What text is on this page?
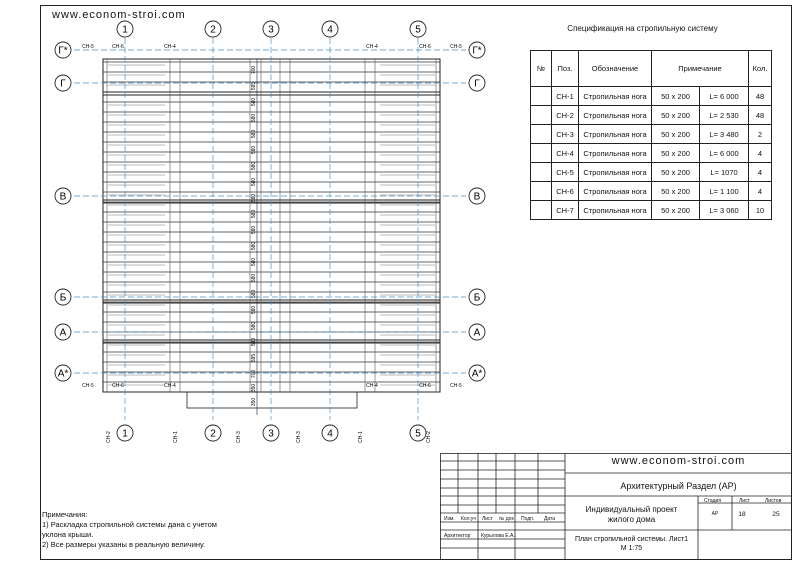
www.econom-stroi.com
1	2	3	4	5
1	2	3	4	5
Г*	Г*
Г	Г
В	В
Б	Б
А	А
А*	А*
700
595
580
580
580
580
580
580
580
580
580
580
580
580
580
580
580
580
595
700
350
350
СН-5	СН-6	СН-4	СН-4	СН-6	СН-5
СН-5	СН-6	СН-4	СН-4	СН-6	СН-5
СН-2	СН-1	СН-3	СН-3	СН-1	СН-2
Спецификация на стропильную систему
№	Поз.	Обозначение	Примечание		Кол.
	СН-1	Стропильная нога	50 х 200	L= 6 000	48
	СН-2	Стропильная нога	50 х 200	L= 2 530	48
	СН-3	Стропильная нога	50 х 200	L= 3 480	2
	СН-4	Стропильная нога	50 х 200	L= 6 000	4
	СН-5	Стропильная нога	50 х 200	L= 1070	4
	СН-6	Стропильная нога	50 х 200	L= 1 100	4
	СН-7	Стропильная нога	50 х 200	L= 3 060	10
Примечания:
1) Раскладка стропильной системы дана с учетом
уклона крыши.
2) Все размеры указаны в реальную величину.
www.econom-stroi.com
Архитектурный Раздел (АР)
Индивидуальный проект
жилого дома
План стропильной системы. Лист1
М 1:75
Изм. Кол.уч Лист № док Подп. Дата
Архитектор Курылова Е.А.
Стадия	Лист	Листов
АР	18	25
